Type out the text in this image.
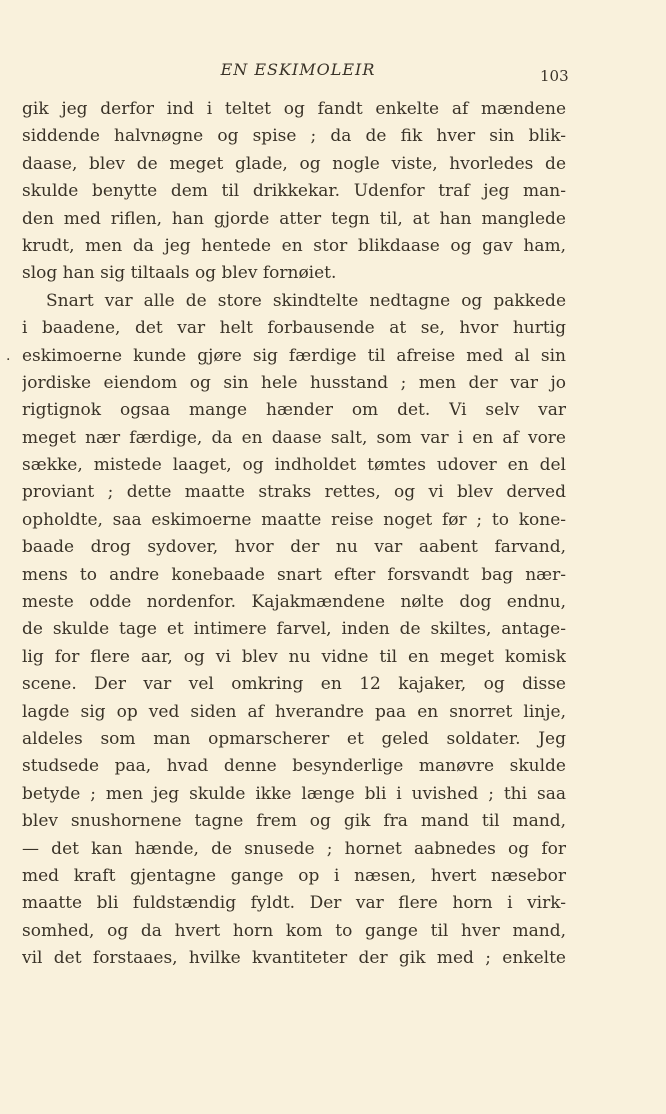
EN ESKIMOLEIR	103
.
gik jeg derfor ind i teltet og fandt enkelte af mændene
siddende halvnøgne og spise ; da de fik hver sin blik-
daase, blev de meget glade, og nogle viste, hvorledes de
skulde benytte dem til drikkekar. Udenfor traf jeg man-
den med riflen, han gjorde atter tegn til, at han manglede
krudt, men da jeg hentede en stor blikdaase og gav ham,
slog han sig tiltaals og blev fornøiet.
Snart var alle de store skindtelte nedtagne og pakkede
i baadene, det var helt forbausende at se, hvor hurtig
eskimoerne kunde gjøre sig færdige til afreise med al sin
jordiske eiendom og sin hele husstand ; men der var jo
rigtignok ogsaa mange hænder om det. Vi selv var
meget nær færdige, da en daase salt, som var i en af vore
sække, mistede laaget, og indholdet tømtes udover en del
proviant ; dette maatte straks rettes, og vi blev derved
opholdte, saa eskimoerne maatte reise noget før ; to kone-
baade drog sydover, hvor der nu var aabent farvand,
mens to andre konebaade snart efter forsvandt bag nær-
meste odde nordenfor. Kajakmændene nølte dog endnu,
de skulde tage et intimere farvel, inden de skiltes, antage-
lig for flere aar, og vi blev nu vidne til en meget komisk
scene. Der var vel omkring en 12 kajaker, og disse
lagde sig op ved siden af hverandre paa en snorret linje,
aldeles som man opmarscherer et geled soldater. Jeg
studsede paa, hvad denne besynderlige manøvre skulde
betyde ; men jeg skulde ikke længe bli i uvished ; thi saa
blev snushornene tagne frem og gik fra mand til mand,
— det kan hænde, de snusede ; hornet aabnedes og for
med kraft gjentagne gange op i næsen, hvert næsebor
maatte bli fuldstændig fyldt. Der var flere horn i virk-
somhed, og da hvert horn kom to gange til hver mand,
vil det forstaaes, hvilke kvantiteter der gik med ; enkelte
